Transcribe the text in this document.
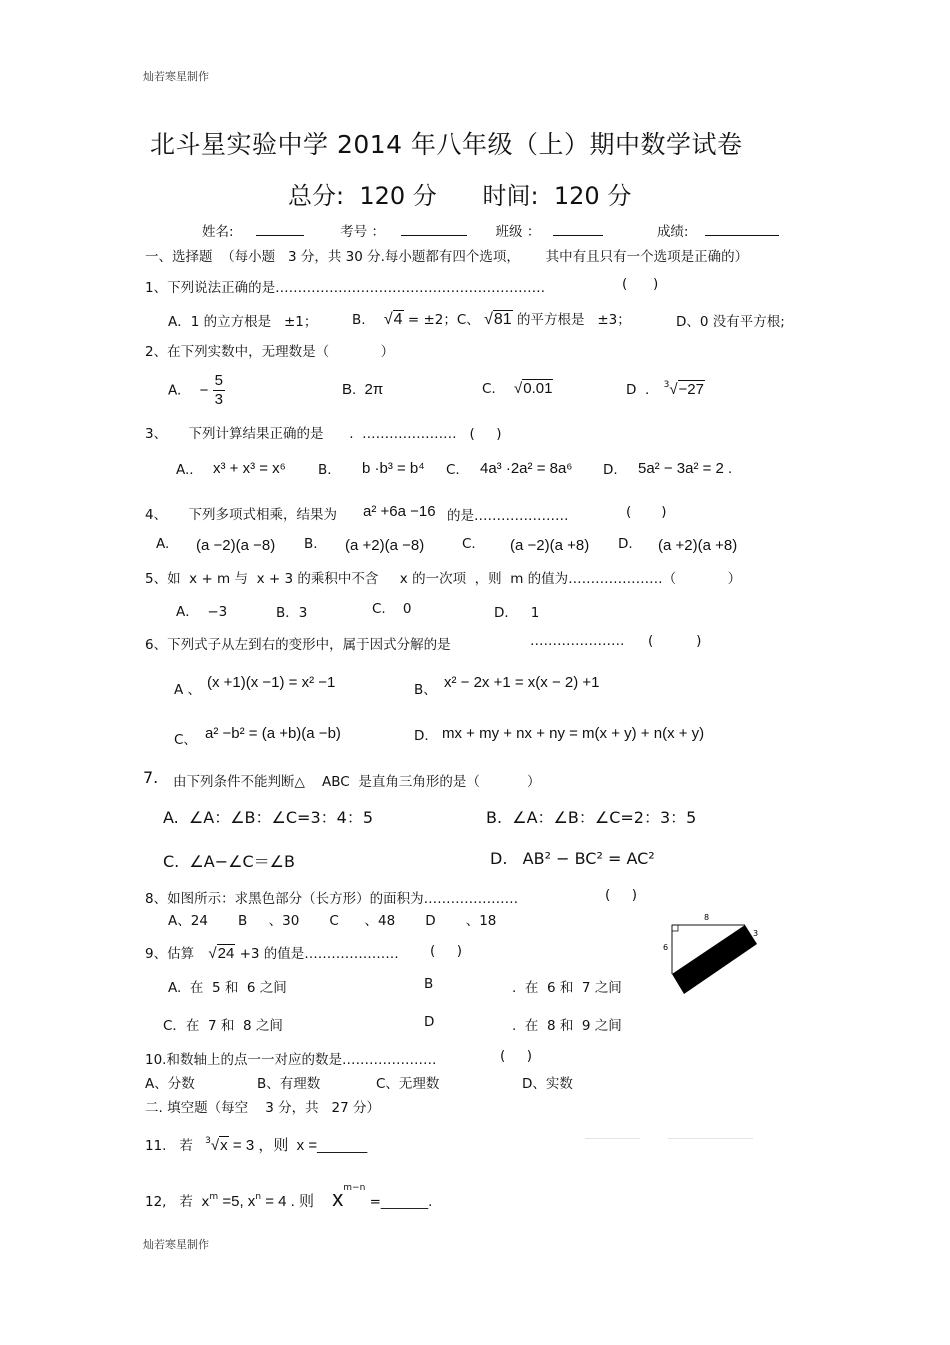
灿若寒星制作
灿若寒星制作
北斗星实验中学 2014 年八年级（上）期中数学试卷
总分:  120 分      时间:  120 分
姓名:	考号 ：	班级 ：	成绩:
一、选择题  （每小题   3 分，共 30 分.每小题都有四个选项，      其中有且只有一个选项是正确的）
1、下列说法正确的是……………………………………………………	(      )
A．1 的立方根是   ±1；	B. √4 = ±2；C、 √81 的平方根是   ±3；	D、0 没有平方根;
2、在下列实数中，无理数是（            ）
A. − $\frac{5}{3}$	B.  2π	C. √0.01	D  . $^3$√−27
3、     下列计算结果正确的是      .  …………………   (     )
A.. x³ + x³ = x⁶ B. b ·b³ = b⁴ C. 4a³ ·2a² = 8a⁶ D. 5a² − 3a² = 2 .
4、     下列多项式相乘，结果为 a² +6a −16 的是…………………	(       )
A. (a −2)(a −8) B. (a +2)(a −8)	C. (a −2)(a +8) D. (a +2)(a +8)
5、如  x + m 与  x + 3 的乘积中不含     x 的一次项  ，则  m 的值为…………………（            ）
A．  −3	B．3	C.    0	D．   1
6、下列式子从左到右的变形中，属于因式分解的是	………………… (          )
A 、 (x +1)(x −1) = x² −1	B、 x² − 2x +1 = x(x − 2) +1
C、 a² −b² = (a +b)(a −b)	D. mx + my + nx + ny = m(x + y) + n(x + y)
7. 由下列条件不能判断△    ABC  是直角三角形的是（           ）
A.  ∠A：∠B：∠C=3：4：5	B.  ∠A：∠B：∠C=2：3：5
C.  ∠A−∠C＝∠B	D.   AB² − BC² = AC²
8、如图所示：求黑色部分（长方形）的面积为…………………	(     )
A、24       B     、30       C      、48       D       、18	8
6
3
9、估算 √24 +3 的值是………………… (     )
A.  在  5 和  6 之间	B	.  在  6 和  7 之间
C．在  7 和  8 之间	D	.  在  8 和  9 之间
10.和数轴上的点一一对应的数是…………………	(     )
A、分数	B、有理数	C、无理数	D、实数
二. 填空题（每空    3 分，共   27 分）
11.   若 $^3$√x = 3 ，则  x =______
12,   若  $x^m =5$, $x^n = 4$ . 则 $x^{m-n}$ =_______.
